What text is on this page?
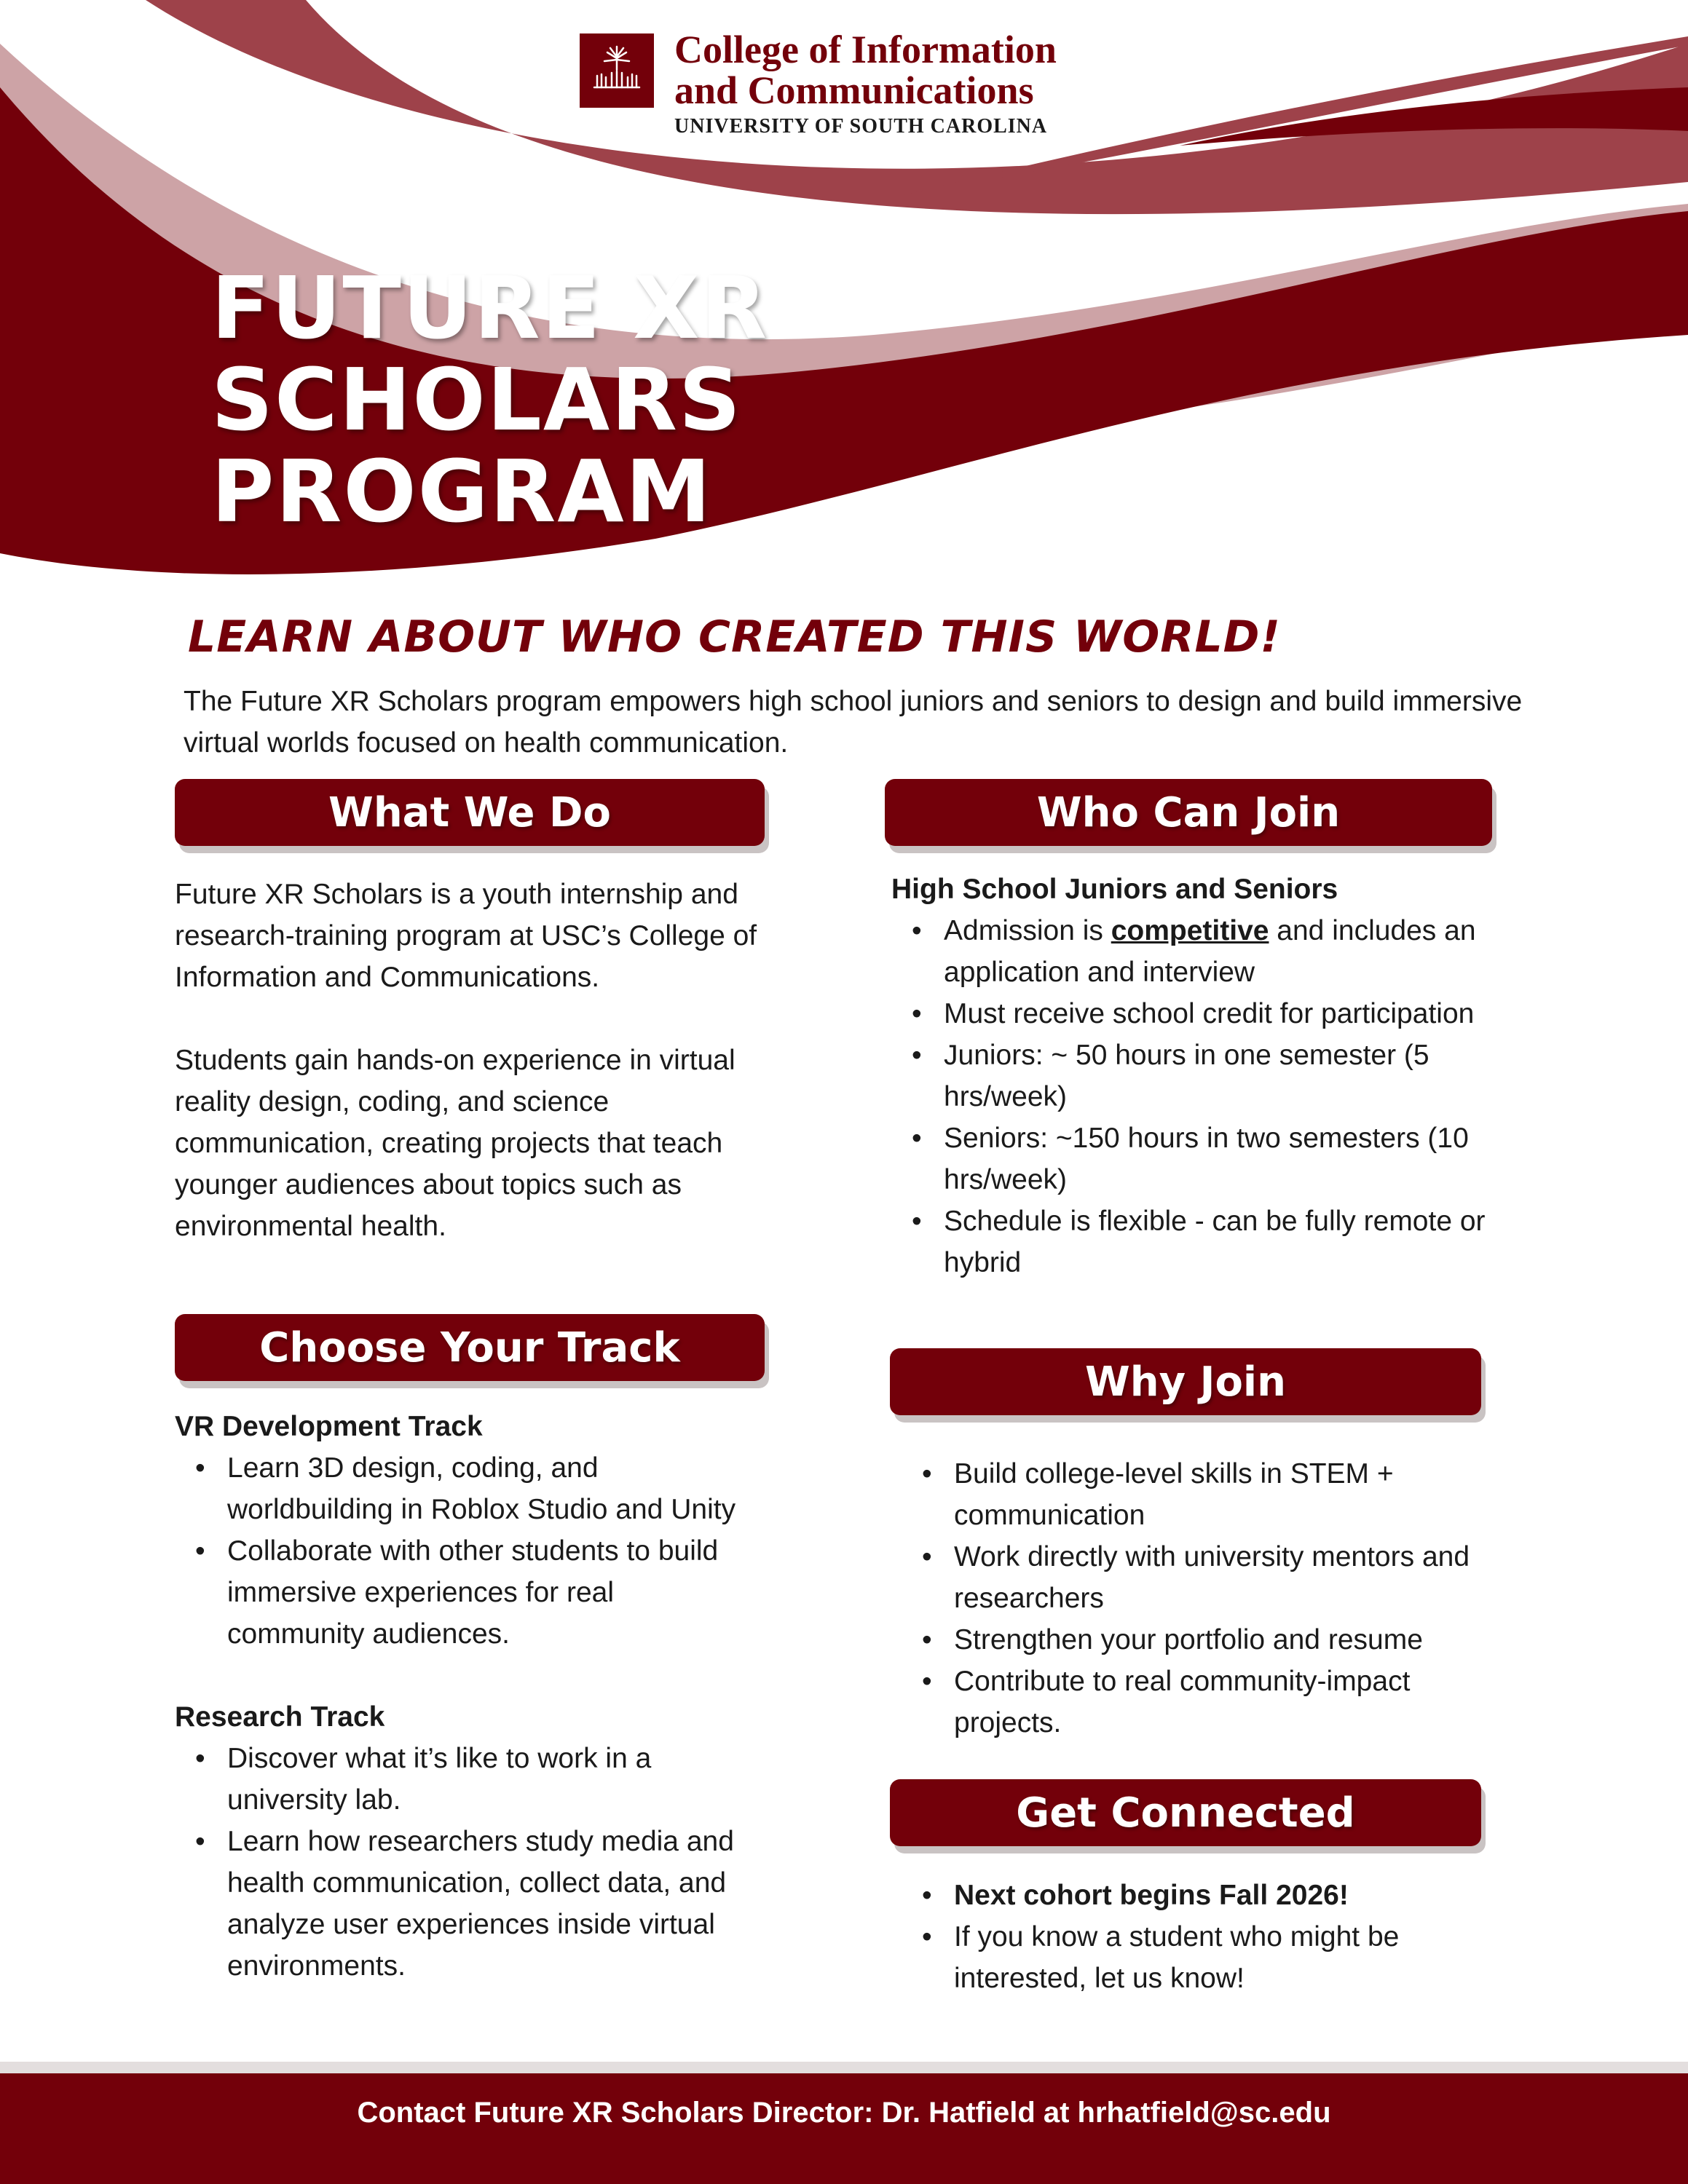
College of Information
and Communications
UNIVERSITY OF SOUTH CAROLINA
FUTURE XR
SCHOLARS
PROGRAM
LEARN ABOUT WHO CREATED THIS WORLD!
The Future XR Scholars program empowers high school juniors and seniors to design and build immersive virtual worlds focused on health communication.
What We Do
Future XR Scholars is a youth internship and research-training program at USC’s College of Information and Communications.
Students gain hands-on experience in virtual reality design, coding, and science communication, creating projects that teach younger audiences about topics such as environmental health.
Choose Your Track
VR Development Track
• Learn 3D design, coding, and worldbuilding in Roblox Studio and Unity
• Collaborate with other students to build immersive experiences for real community audiences.
Research Track
• Discover what it’s like to work in a university lab.
• Learn how researchers study media and health communication, collect data, and analyze user experiences inside virtual environments.
Who Can Join
High School Juniors and Seniors
• Admission is competitive and includes an application and interview
• Must receive school credit for participation
• Juniors: ~ 50 hours in one semester (5 hrs/week)
• Seniors: ~150 hours in two semesters (10 hrs/week)
• Schedule is flexible - can be fully remote or hybrid
Why Join
• Build college-level skills in STEM + communication
• Work directly with university mentors and researchers
• Strengthen your portfolio and resume
• Contribute to real community-impact projects.
Get Connected
• Next cohort begins Fall 2026!
• If you know a student who might be interested, let us know!
Contact Future XR Scholars Director: Dr. Hatfield at hrhatfield@sc.edu
